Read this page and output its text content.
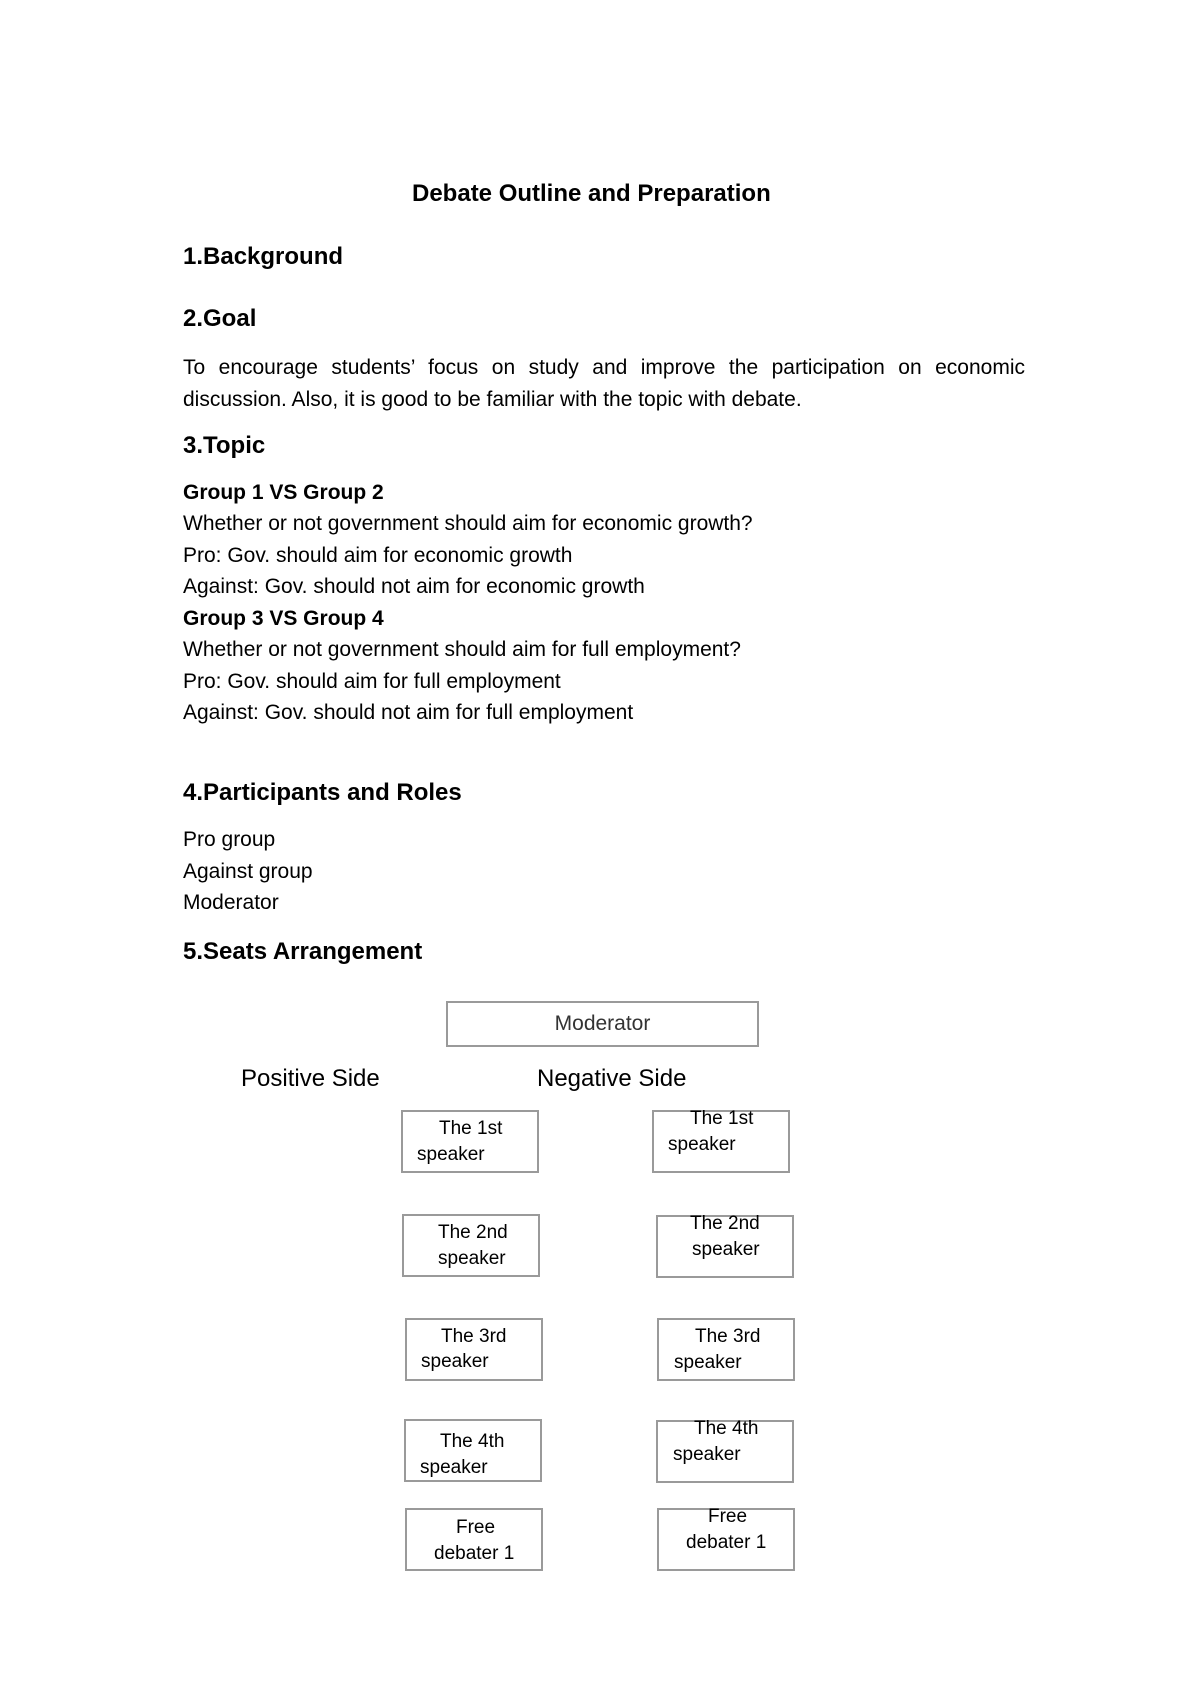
Debate Outline and Preparation
1.Background
2.Goal
To encourage students’ focus on study and improve the participation on economic discussion. Also, it is good to be familiar with the topic with debate.
3.Topic
Group 1 VS Group 2
Whether or not government should aim for economic growth?
Pro: Gov. should aim for economic growth
Against: Gov. should not aim for economic growth
Group 3 VS Group 4
Whether or not government should aim for full employment?
Pro: Gov. should aim for full employment
Against: Gov. should not aim for full employment
4.Participants and Roles
Pro group
Against group
Moderator
5.Seats Arrangement
Moderator
Positive Side	Negative Side
The 1st
speaker
The 2nd
speaker
The 3rd
speaker
The 4th
speaker
Free
debater 1
The 1st
speaker
The 2nd
speaker
The 3rd
speaker
The 4th
speaker
Free
debater 1
